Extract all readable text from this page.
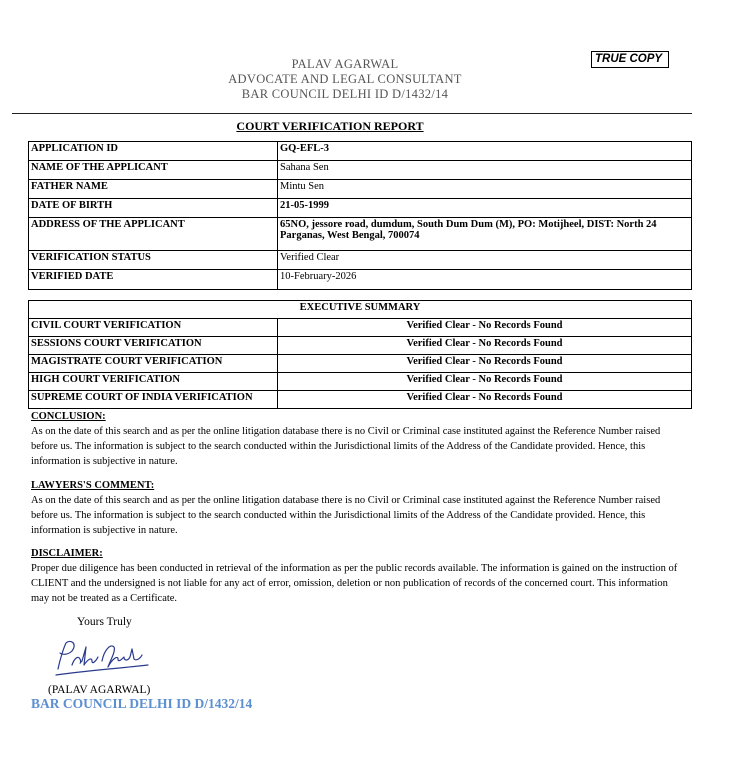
PALAV AGARWAL
ADVOCATE AND LEGAL CONSULTANT
BAR COUNCIL DELHI ID D/1432/14
TRUE COPY
COURT VERIFICATION REPORT
APPLICATION ID	GQ-EFL-3
NAME OF THE APPLICANT	Sahana Sen
FATHER NAME	Mintu Sen
DATE OF BIRTH	21-05-1999
ADDRESS OF THE APPLICANT	65NO, jessore road, dumdum, South Dum Dum (M), PO: Motijheel, DIST: North 24 Parganas, West Bengal, 700074
VERIFICATION STATUS	Verified Clear
VERIFIED DATE	10-February-2026
EXECUTIVE SUMMARY	
CIVIL COURT VERIFICATION	Verified Clear - No Records Found
SESSIONS COURT VERIFICATION	Verified Clear - No Records Found
MAGISTRATE COURT VERIFICATION	Verified Clear - No Records Found
HIGH COURT VERIFICATION	Verified Clear - No Records Found
SUPREME COURT OF INDIA VERIFICATION	Verified Clear - No Records Found
CONCLUSION:

As on the date of this search and as per the online litigation database there is no Civil or Criminal case instituted against the Reference Number raised before us. The information is subject to the search conducted within the Jurisdictional limits of the Address of the Candidate provided. Hence, this information is subjective in nature.

LAWYERS'S COMMENT:

As on the date of this search and as per the online litigation database there is no Civil or Criminal case instituted against the Reference Number raised before us. The information is subject to the search conducted within the Jurisdictional limits of the Address of the Candidate provided. Hence, this information is subjective in nature.

DISCLAIMER:

Proper due diligence has been conducted in retrieval of the information as per the public records available. The information is gained on the instruction of CLIENT and the undersigned is not liable for any act of error, omission, deletion or non publication of records of the concerned court. This information may not be treated as a Certificate.

Yours Truly
(PALAV AGARWAL)
BAR COUNCIL DELHI ID D/1432/14
